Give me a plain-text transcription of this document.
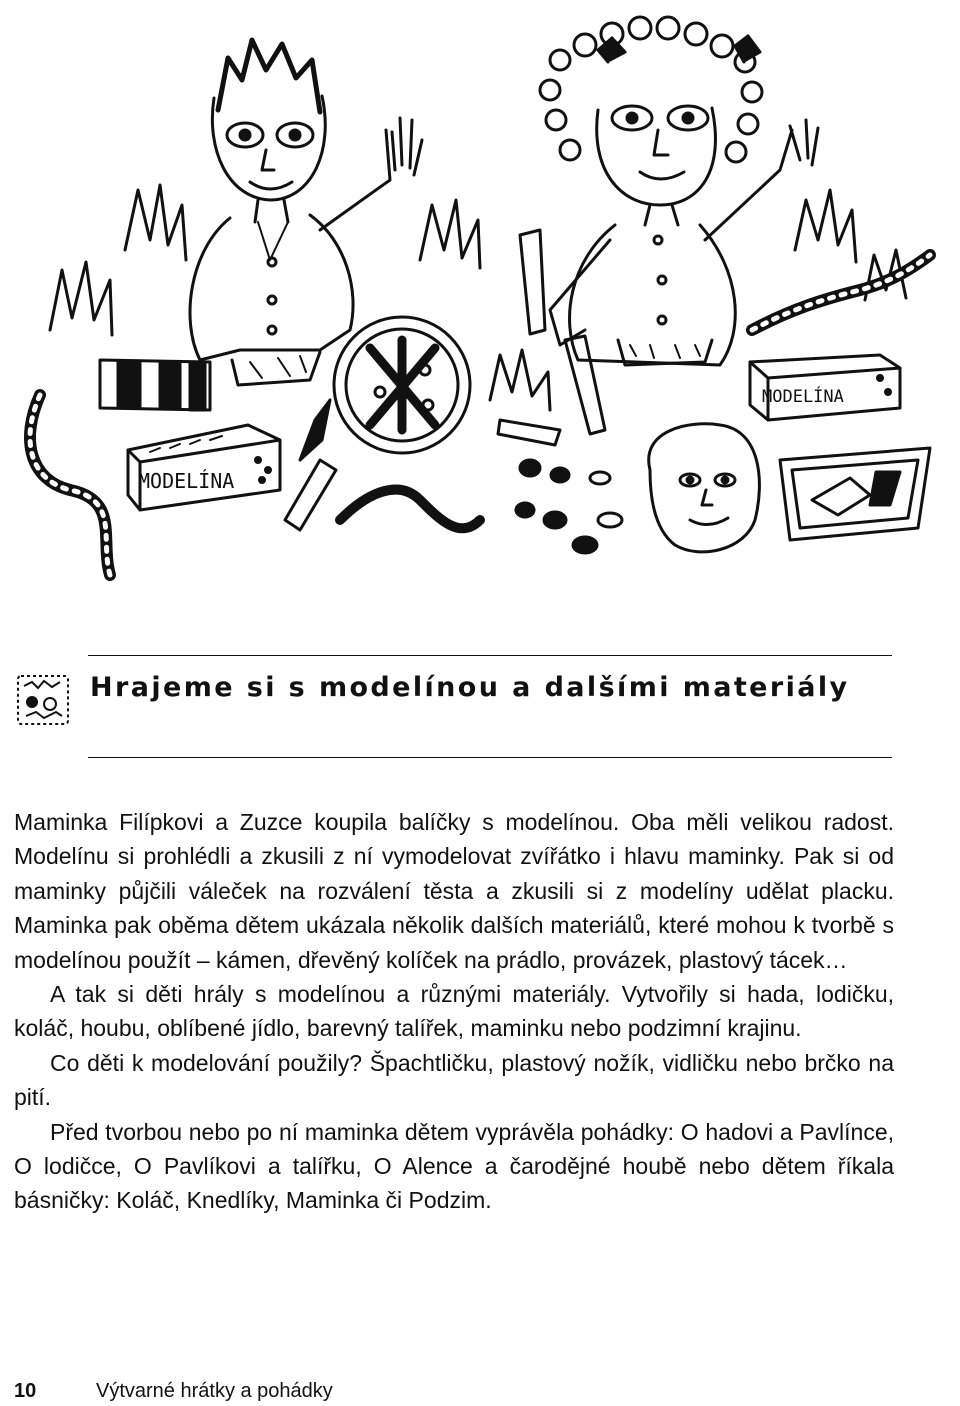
MODELÍNA
MODELÍNA
Hrajeme si s modelínou a dalšími materiály

Maminka Filípkovi a Zuzce koupila balíčky s modelínou. Oba měli velikou radost. Modelínu si prohlédli a zkusili z ní vymodelovat zvířátko i hlavu maminky. Pak si od maminky půjčili váleček na rozválení těsta a zkusili si z modelíny udělat placku. Maminka pak oběma dětem ukázala několik dalších materiálů, které mohou k tvorbě s modelínou použít – kámen, dřevěný kolíček na prádlo, provázek, plastový tácek…

A tak si děti hrály s modelínou a různými materiály. Vytvořily si hada, lodičku, koláč, houbu, oblíbené jídlo, barevný talířek, maminku nebo podzimní krajinu.

Co děti k modelování použily? Špachtličku, plastový nožík, vidličku nebo brčko na pití.

Před tvorbou nebo po ní maminka dětem vyprávěla pohádky: O hadovi a Pavlínce, O lodičce, O Pavlíkovi a talířku, O Alence a čarodějné houbě nebo dětem říkala básničky: Koláč, Knedlíky, Maminka či Podzim.

10	Výtvarné hrátky a pohádky
